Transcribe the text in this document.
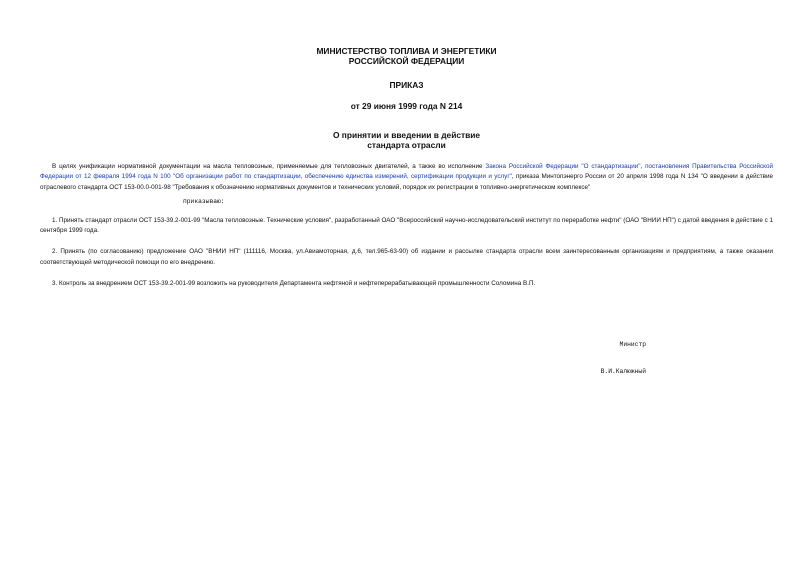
МИНИСТЕРСТВО ТОПЛИВА И ЭНЕРГЕТИКИ
РОССИЙСКОЙ ФЕДЕРАЦИИ
ПРИКАЗ
от 29 июня 1999 года N 214
О принятии и введении в действие
стандарта отрасли
В целях унификации нормативной документации на масла тепловозные, применяемые для тепловозных двигателей, а также во исполнение Закона Российской Федерации "О стандартизации", постановления Правительства Российской Федерации от 12 февраля 1994 года N 100 "Об организации работ по стандартизации, обеспечению единства измерений, сертификации продукции и услуг", приказа Минтопэнерго России от 20 апреля 1998 года N 134 "О введении в действие отраслевого стандарта ОСТ 153-00.0-001-98 "Требования к обозначению нормативных документов и технических условий, порядок их регистрации в топливно-энергетическом комплексе"
приказываю:
1. Принять стандарт отрасли ОСТ 153-39.2-001-99 "Масла тепловозные. Технические условия", разработанный ОАО "Всероссийский научно-исследовательский институт по переработке нефти" (ОАО "ВНИИ НП") с датой введения в действие с 1 сентября 1999 года.
2. Принять (по согласованию) предложение ОАО "ВНИИ НП" (111116, Москва, ул.Авиамоторная, д.6, тел.965-63-90) об издании и рассылке стандарта отрасли всем заинтересованным организациям и предприятиям, а также оказании соответствующей методической помощи по его внедрению.
3. Контроль за внедрением ОСТ 153-39.2-001-99 возложить на руководителя Департамента нефтяной и нефтеперерабатывающей промышленности Соломина В.П.

Министр

В.И.Калюжный
